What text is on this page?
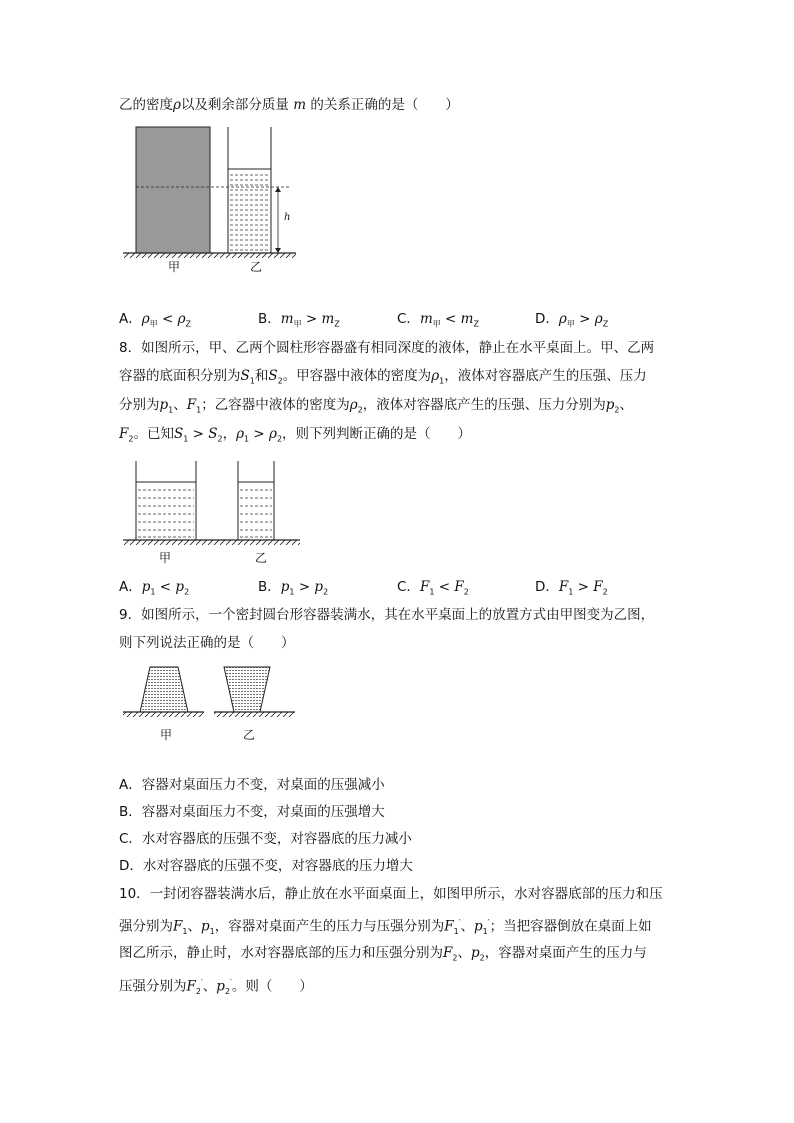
乙的密度ρ以及剩余部分质量 m 的关系正确的是（　　）
h
甲	乙
A．$\rho_甲 < \rho_Z$	B．$m_甲 > m_Z$	C．$m_甲 < m_Z$	D．$\rho_甲 > \rho_Z$
8．如图所示，甲、乙两个圆柱形容器盛有相同深度的液体，静止在水平桌面上。甲、乙两
容器的底面积分别为$S_1$和$S_2$。甲容器中液体的密度为$\rho_1$，液体对容器底产生的压强、压力
分别为$p_1$、$F_1$；乙容器中液体的密度为$\rho_2$，液体对容器底产生的压强、压力分别为$p_2$、
$F_2$。已知$S_1 > S_2$，$\rho_1 > \rho_2$，则下列判断正确的是（　　）
甲	乙
A．$p_1 < p_2$	B．$p_1 > p_2$	C．$F_1 < F_2$	D．$F_1 > F_2$
9．如图所示，一个密封圆台形容器装满水，其在水平桌面上的放置方式由甲图变为乙图，
则下列说法正确的是（　　）
甲	乙
A．容器对桌面压力不变，对桌面的压强减小
B．容器对桌面压力不变，对桌面的压强增大
C．水对容器底的压强不变，对容器底的压力减小
D．水对容器底的压强不变，对容器底的压力增大
10．一封闭容器装满水后，静止放在水平面桌面上，如图甲所示，水对容器底部的压力和压
强分别为$F_1$、$p_1$，容器对桌面产生的压力与压强分别为$F_1'$、$p_1'$；当把容器倒放在桌面上如
图乙所示，静止时，水对容器底部的压力和压强分别为$F_2$、$p_2$，容器对桌面产生的压力与
压强分别为$F_2'$、$p_2'$。则（　　）
